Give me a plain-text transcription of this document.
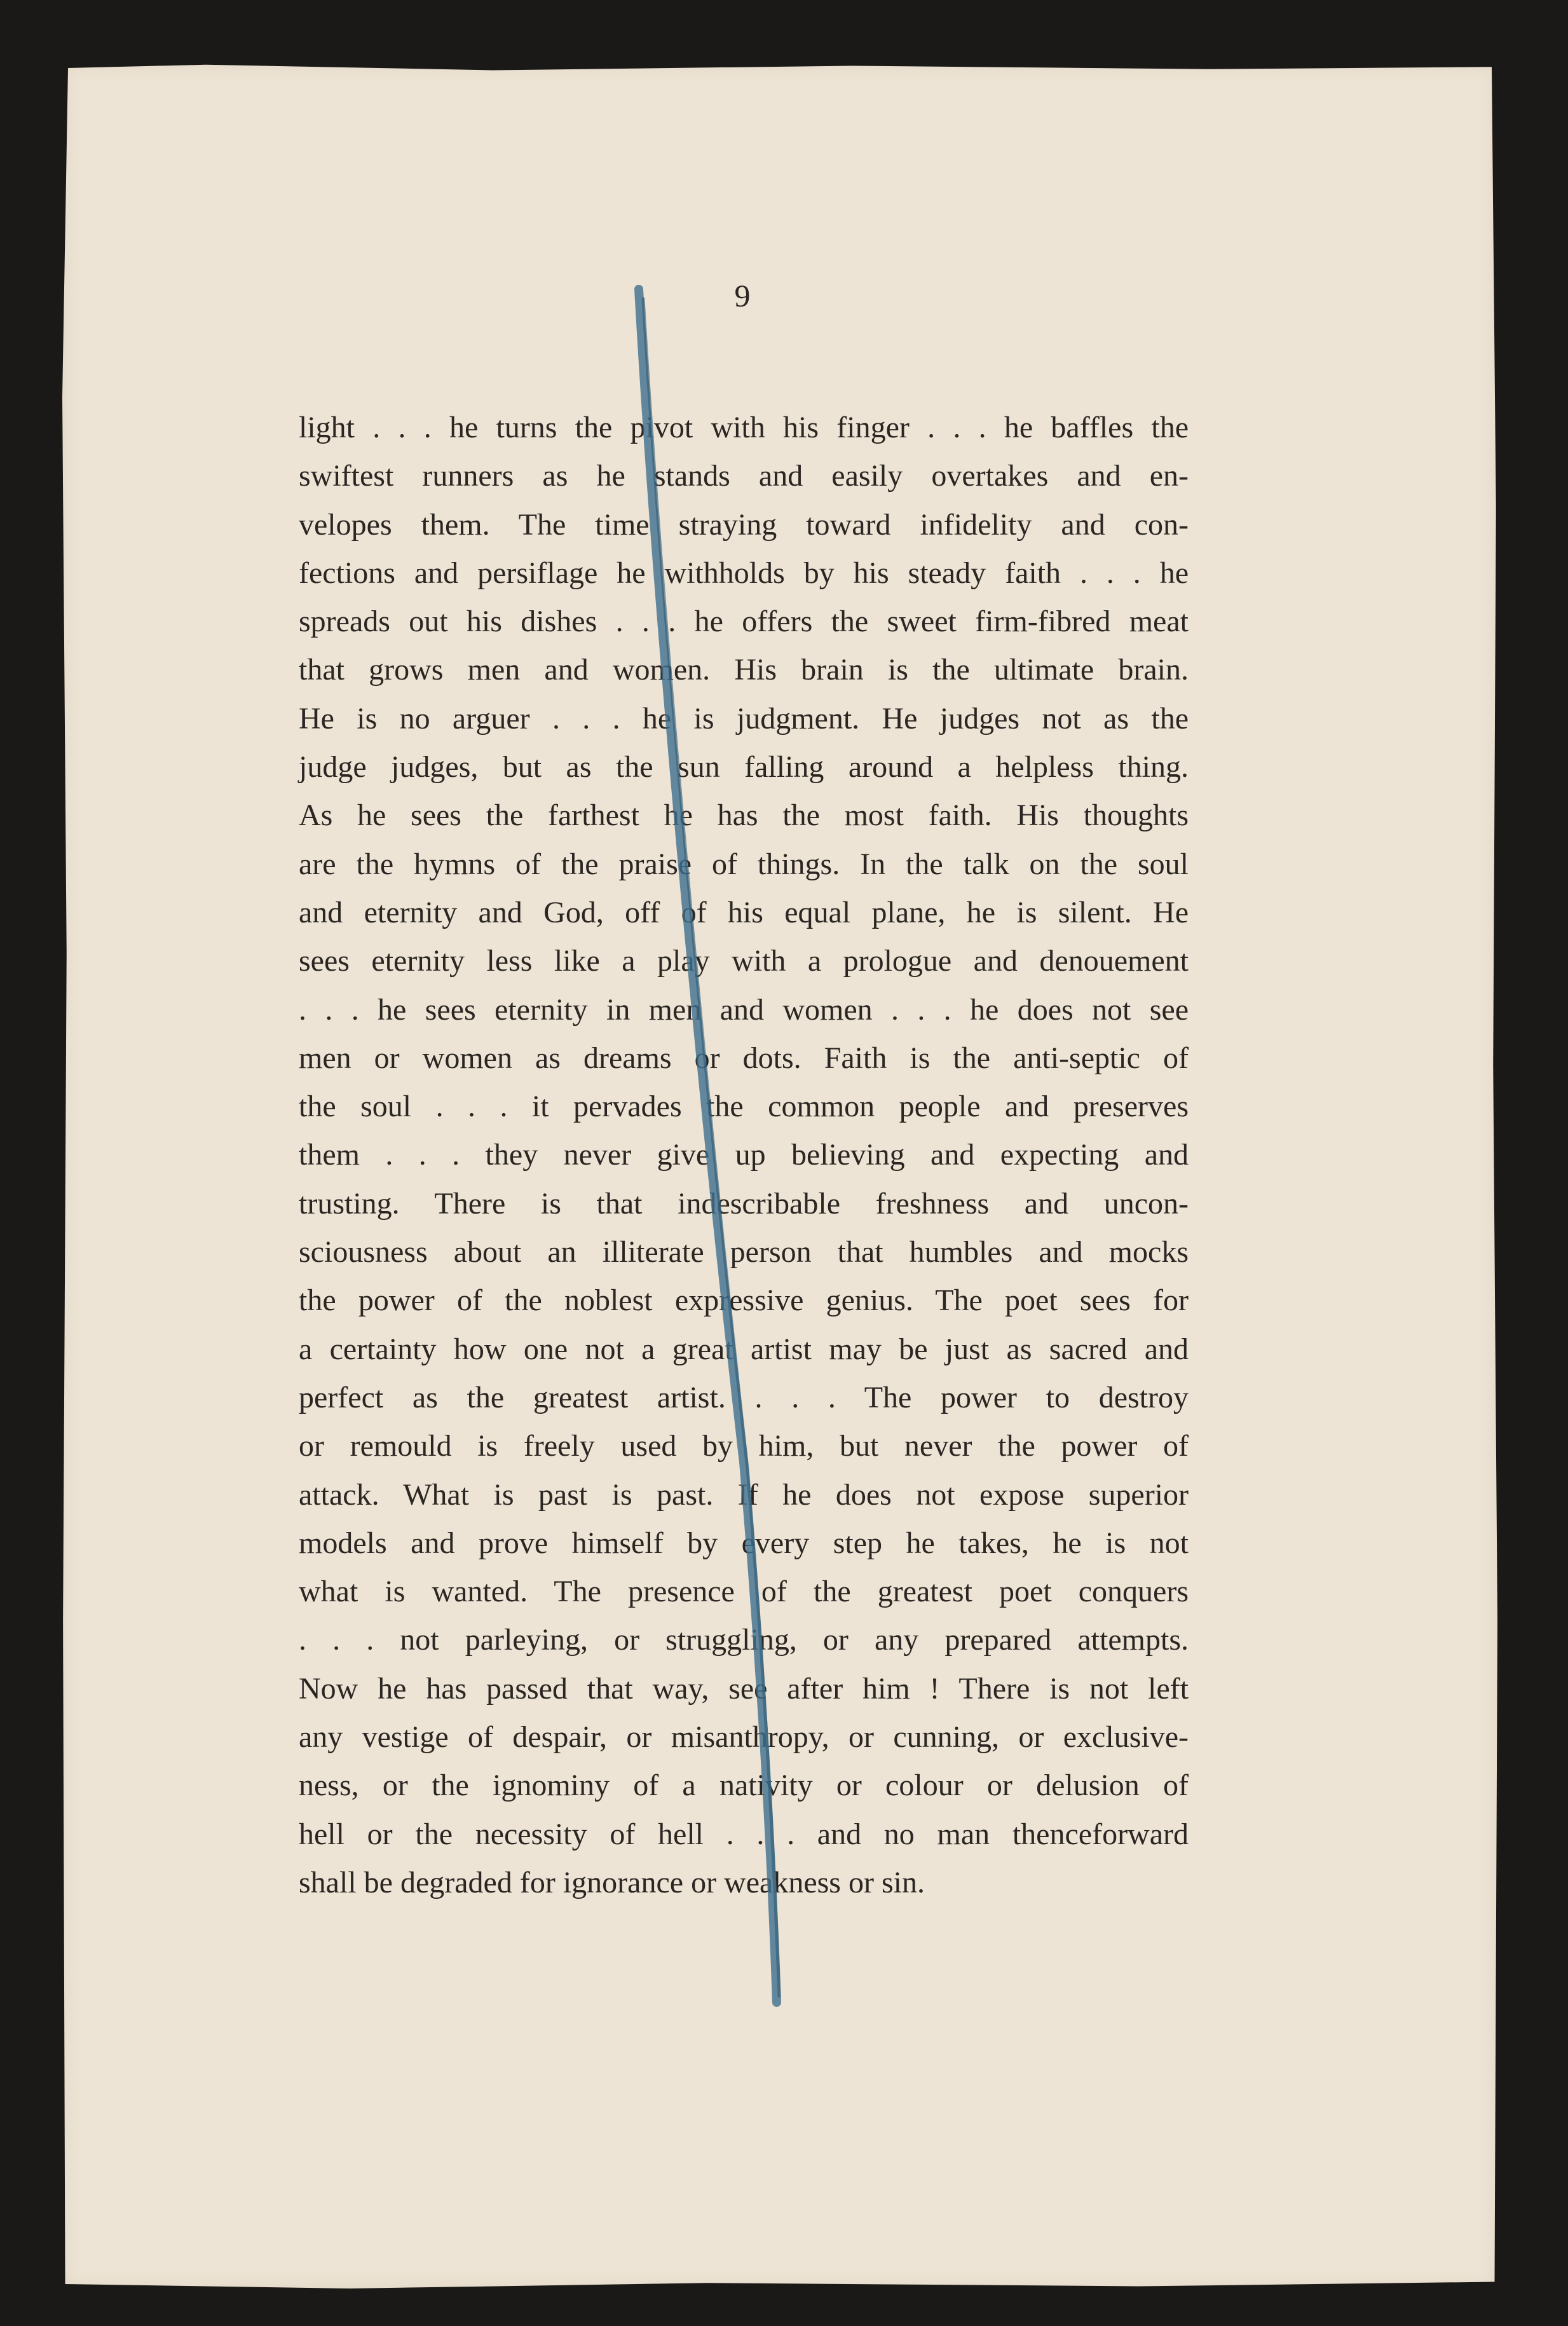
9
light . . . he turns the pivot with his finger . . . he baffles the
swiftest runners as he stands and easily overtakes and en-
velopes them. The time straying toward infidelity and con-
fections and persiflage he withholds by his steady faith . . . he
spreads out his dishes . . . he offers the sweet firm-fibred meat
that grows men and women. His brain is the ultimate brain.
He is no arguer . . . he is judgment. He judges not as the
judge judges, but as the sun falling around a helpless thing.
As he sees the farthest he has the most faith. His thoughts
are the hymns of the praise of things. In the talk on the soul
and eternity and God, off of his equal plane, he is silent. He
sees eternity less like a play with a prologue and denouement
. . . he sees eternity in men and women . . . he does not see
men or women as dreams or dots. Faith is the anti-septic of
the soul . . . it pervades the common people and preserves
them . . . they never give up believing and expecting and
trusting. There is that indescribable freshness and uncon-
sciousness about an illiterate person that humbles and mocks
the power of the noblest expressive genius. The poet sees for
a certainty how one not a great artist may be just as sacred and
perfect as the greatest artist. . . . The power to destroy
or remould is freely used by him, but never the power of
attack. What is past is past. If he does not expose superior
models and prove himself by every step he takes, he is not
what is wanted. The presence of the greatest poet conquers
. . . not parleying, or struggling, or any prepared attempts.
Now he has passed that way, see after him ! There is not left
any vestige of despair, or misanthropy, or cunning, or exclusive-
ness, or the ignominy of a nativity or colour or delusion of
hell or the necessity of hell . . . and no man thenceforward
shall be degraded for ignorance or weakness or sin.
